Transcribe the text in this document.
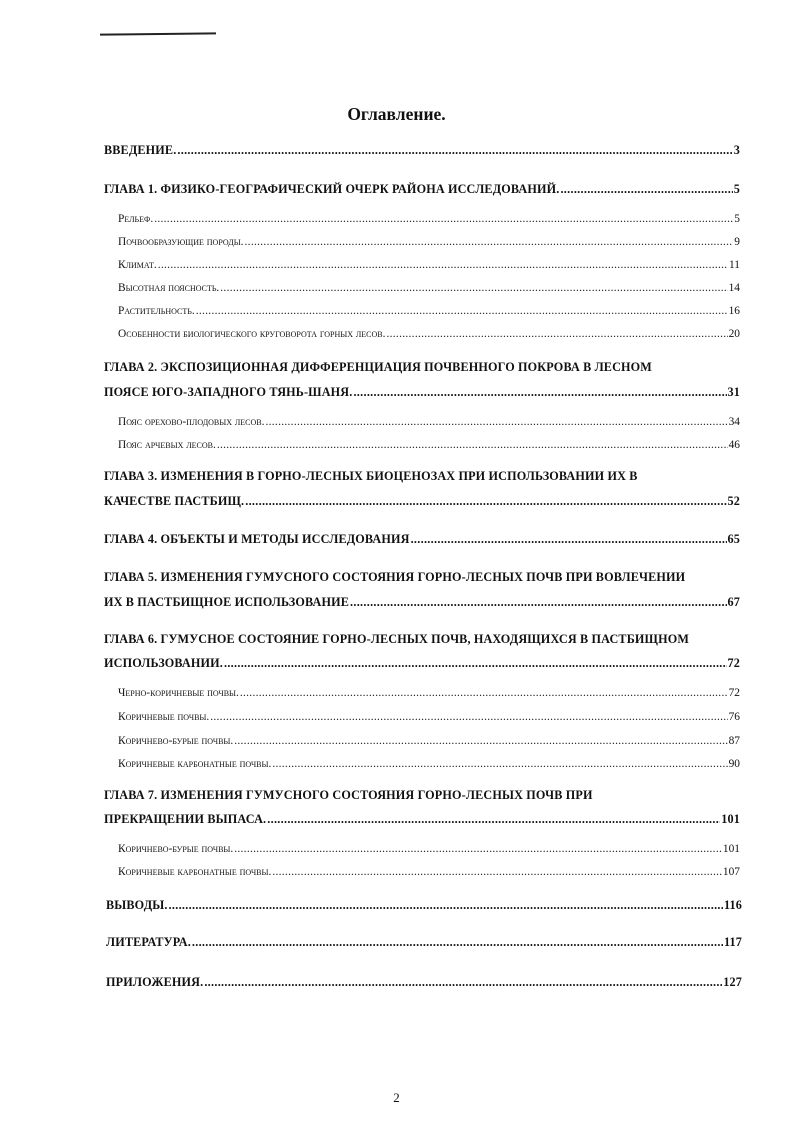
Оглавление.
ВВЕДЕНИЕ. .....	3
ГЛАВА 1. ФИЗИКО-ГЕОГРАФИЧЕСКИЙ ОЧЕРК РАЙОНА ИССЛЕДОВАНИЙ. .....	5
Рельеф. .....	5
Почвообразующие породы. .....	9
Климат. .....	11
Высотная поясность. .....	14
Растительность. .....	16
Особенности биологического круговорота горных лесов. .....	20
ГЛАВА 2. ЭКСПОЗИЦИОННАЯ ДИФФЕРЕНЦИАЦИЯ ПОЧВЕННОГО ПОКРОВА В ЛЕСНОМ
ПОЯСЕ ЮГО-ЗАПАДНОГО ТЯНЬ-ШАНЯ. .....	31
Пояс орехово-плодовых лесов. .....	34
Пояс арчевых лесов. .....	46
ГЛАВА 3. ИЗМЕНЕНИЯ В ГОРНО-ЛЕСНЫХ БИОЦЕНОЗАХ ПРИ ИСПОЛЬЗОВАНИИ ИХ В
КАЧЕСТВЕ ПАСТБИЩ. .....	52
ГЛАВА 4. ОБЪЕКТЫ И МЕТОДЫ ИССЛЕДОВАНИЯ .....	65
ГЛАВА 5. ИЗМЕНЕНИЯ ГУМУСНОГО СОСТОЯНИЯ ГОРНО-ЛЕСНЫХ ПОЧВ ПРИ ВОВЛЕЧЕНИИ
ИХ В ПАСТБИЩНОЕ ИСПОЛЬЗОВАНИЕ .....	67
ГЛАВА 6. ГУМУСНОЕ СОСТОЯНИЕ ГОРНО-ЛЕСНЫХ ПОЧВ, НАХОДЯЩИХСЯ В ПАСТБИЩНОМ
ИСПОЛЬЗОВАНИИ. .....	72
Черно-коричневые почвы. .....	72
Коричневые почвы. .....	76
Коричнево-бурые почвы. .....	87
Коричневые карбонатные почвы. .....	90
ГЛАВА 7. ИЗМЕНЕНИЯ ГУМУСНОГО СОСТОЯНИЯ ГОРНО-ЛЕСНЫХ ПОЧВ ПРИ
ПРЕКРАЩЕНИИ ВЫПАСА. .....	101
Коричнево-бурые почвы. .....	101
Коричневые карбонатные почвы. .....	107
ВЫВОДЫ. .....	116
ЛИТЕРАТУРА. .....	117
ПРИЛОЖЕНИЯ. .....	127
2
